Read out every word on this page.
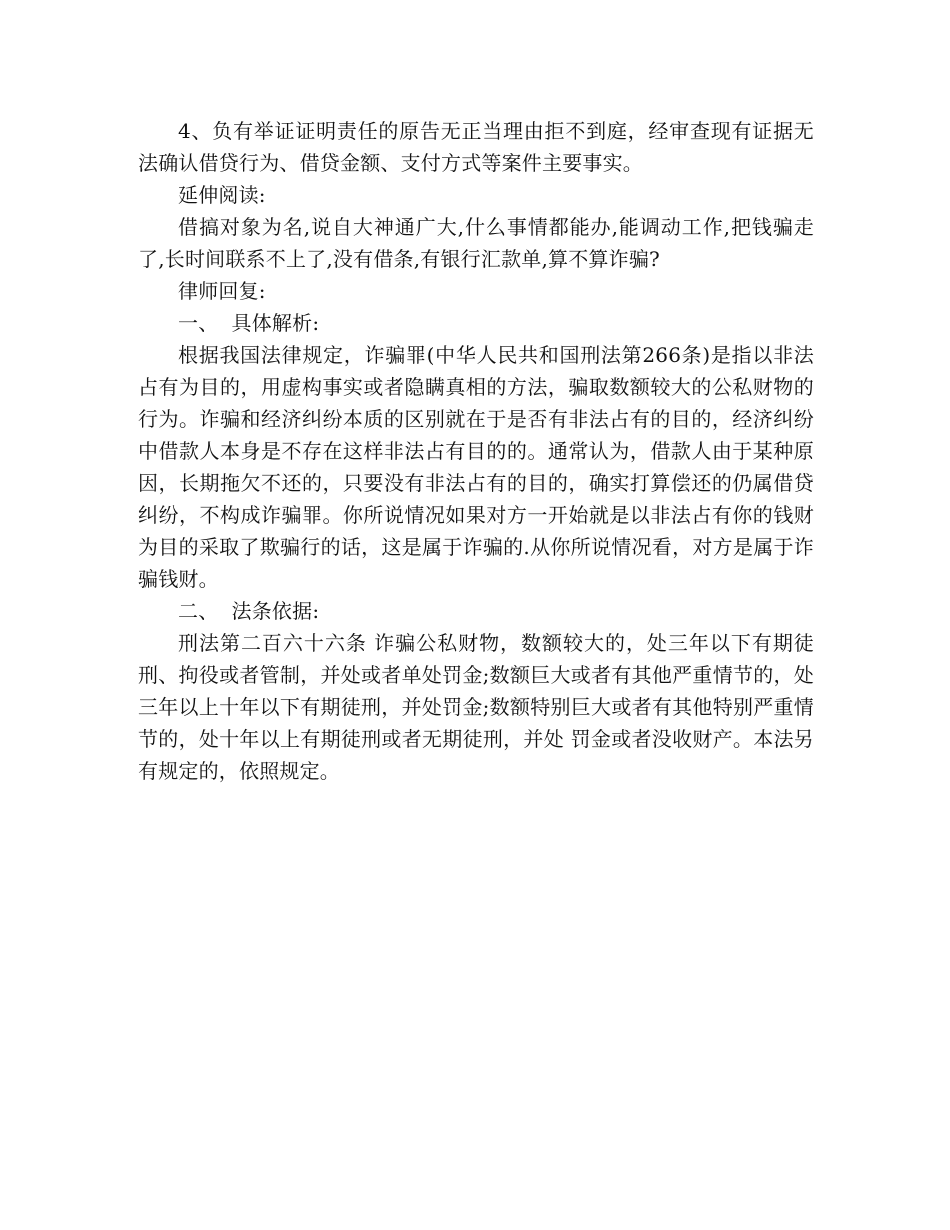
4、负有举证证明责任的原告无正当理由拒不到庭，经审查现有证据无法确认借贷行为、借贷金额、支付方式等案件主要事实。

延伸阅读:

借搞对象为名,说自大神通广大,什么事情都能办,能调动工作,把钱骗走了,长时间联系不上了,没有借条,有银行汇款单,算不算诈骗?

律师回复:

一、  具体解析:

根据我国法律规定，诈骗罪(中华人民共和国刑法第266条)是指以非法占有为目的，用虚构事实或者隐瞒真相的方法，骗取数额较大的公私财物的行为。诈骗和经济纠纷本质的区别就在于是否有非法占有的目的，经济纠纷中借款人本身是不存在这样非法占有目的的。通常认为，借款人由于某种原因，长期拖欠不还的，只要没有非法占有的目的，确实打算偿还的仍属借贷纠纷，不构成诈骗罪。你所说情况如果对方一开始就是以非法占有你的钱财为目的采取了欺骗行的话，这是属于诈骗的.从你所说情况看，对方是属于诈骗钱财。

二、  法条依据:

刑法第二百六十六条 诈骗公私财物，数额较大的，处三年以下有期徒刑、拘役或者管制，并处或者单处罚金;数额巨大或者有其他严重情节的，处三年以上十年以下有期徒刑，并处罚金;数额特别巨大或者有其他特别严重情节的，处十年以上有期徒刑或者无期徒刑，并处 罚金或者没收财产。本法另有规定的，依照规定。
